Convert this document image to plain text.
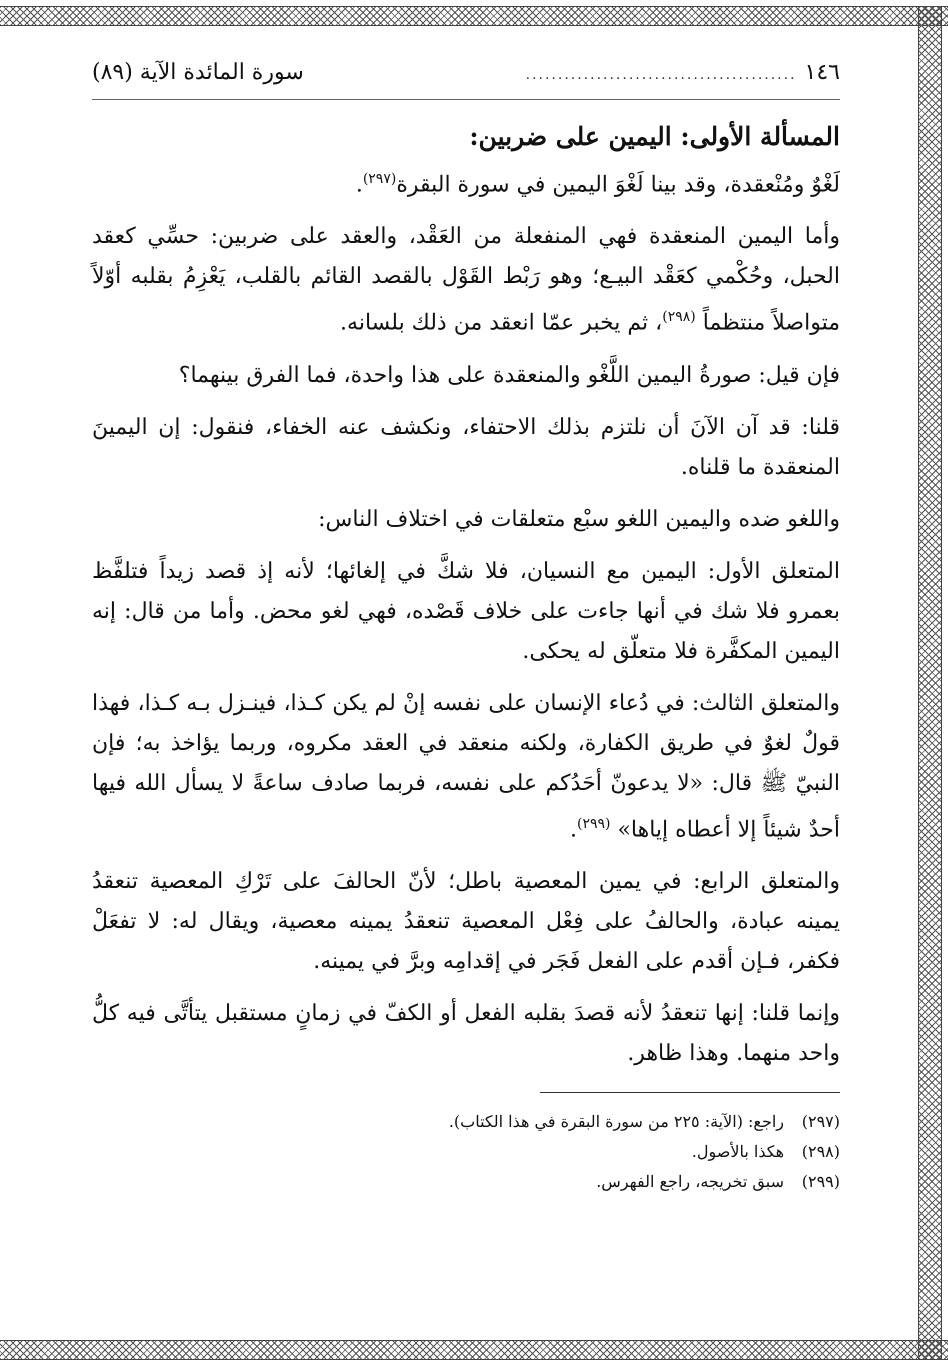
١٤٦
..........................................
سورة المائدة الآية (٨٩)
المسألة الأولى: اليمين على ضربين:

لَغْوٌ ومُنْعقدة، وقد بينا لَغْوَ اليمين في سورة البقرة$^{(٢٩٧)}$.

وأما اليمين المنعقدة فهي المنفعلة من العَقْد، والعقد على ضربين: حسِّي كعقد الحبل، وحُكْمي كعَقْد البيـع؛ وهو رَبْط القَوْل بالقصد القائم بالقلب، يَعْزِمُ بقلبه أوّلاً متواصلاً منتظماً $^{(٢٩٨)}$، ثم يخبر عمّا انعقد من ذلك بلسانه.

فإن قيل: صورةُ اليمين اللَّغْو والمنعقدة على هذا واحدة، فما الفرق بينهما؟

قلنا: قد آن الآنَ أن نلتزم بذلك الاحتفاء، ونكشف عنه الخفاء، فنقول: إن اليمينَ المنعقدة ما قلناه.

واللغو ضده واليمين اللغو سبْع متعلقات في اختلاف الناس:

المتعلق الأول: اليمين مع النسيان، فلا شكَّ في إلغائها؛ لأنه إذ قصد زيداً فتلفَّظ بعمرو فلا شك في أنها جاءت على خلاف قَصْده، فهي لغو محض. وأما من قال: إنه اليمين المكفَّرة فلا متعلّق له يحكى.

والمتعلق الثالث: في دُعاء الإنسان على نفسه إنْ لم يكن كـذا، فينـزل بـه كـذا، فهذا قولٌ لغوٌ في طريق الكفارة، ولكنه منعقد في العقد مكروه، وربما يؤاخذ به؛ فإن النبيّ ﷺ قال: «لا يدعونّ أحَدُكم على نفسه، فربما صادف ساعةً لا يسأل الله فيها أحدٌ شيئاً إلا أعطاه إياها» $^{(٢٩٩)}$.

والمتعلق الرابع: في يمين المعصية باطل؛ لأنّ الحالفَ على تَرْكِ المعصية تنعقدُ يمينه عبادة، والحالفُ على فِعْل المعصية تنعقدُ يمينه معصية، ويقال له: لا تفعَلْ فكفر، فـإن أقدم على الفعل فَجَر في إقدامِه وبرَّ في يمينه.

وإنما قلنا: إنها تنعقدُ لأنه قصدَ بقلبه الفعل أو الكفّ في زمانٍ مستقبل يتأتَّى فيه كلُّ واحد منهما. وهذا ظاهر.

(٢٩٧)راجع: (الآية: ٢٢٥ من سورة البقرة في هذا الكتاب).
(٢٩٨)هكذا بالأصول.
(٢٩٩)سبق تخريجه، راجع الفهرس.
